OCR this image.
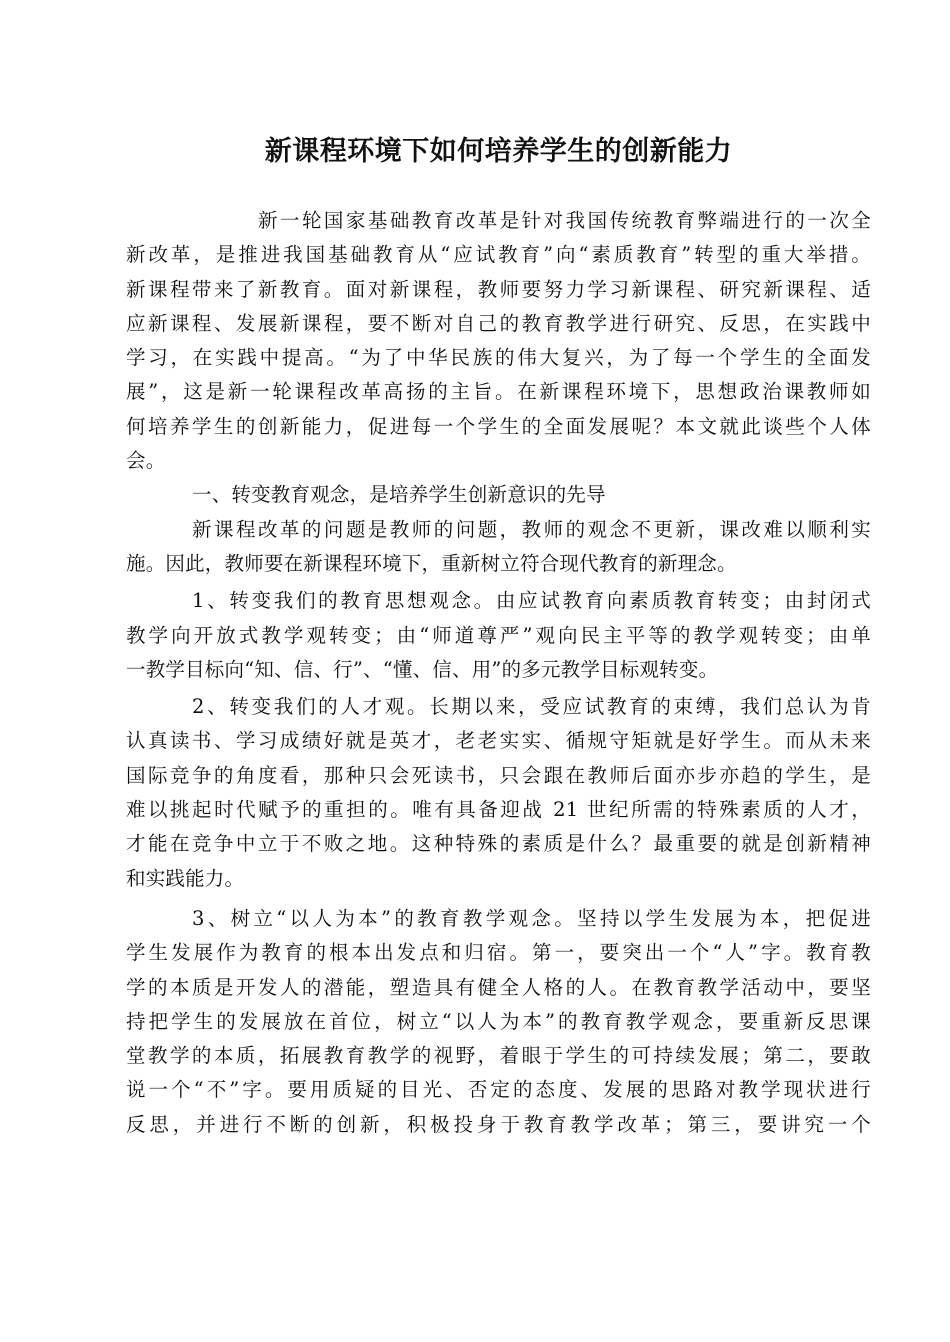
新课程环境下如何培养学生的创新能力
新一轮国家基础教育改革是针对我国传统教育弊端进行的一次全
新改革，是推进我国基础教育从“应试教育”向“素质教育”转型的重大举措。
新课程带来了新教育。面对新课程，教师要努力学习新课程、研究新课程、适
应新课程、发展新课程，要不断对自己的教育教学进行研究、反思，在实践中
学习，在实践中提高。“为了中华民族的伟大复兴，为了每一个学生的全面发
展”，这是新一轮课程改革高扬的主旨。在新课程环境下，思想政治课教师如
何培养学生的创新能力，促进每一个学生的全面发展呢？本文就此谈些个人体
会。
一、转变教育观念，是培养学生创新意识的先导
新课程改革的问题是教师的问题，教师的观念不更新，课改难以顺利实
施。因此，教师要在新课程环境下，重新树立符合现代教育的新理念。
1、转变我们的教育思想观念。由应试教育向素质教育转变；由封闭式
教学向开放式教学观转变；由“师道尊严”观向民主平等的教学观转变；由单
一教学目标向“知、信、行”、“懂、信、用”的多元教学目标观转变。
2、转变我们的人才观。长期以来，受应试教育的束缚，我们总认为肯
认真读书、学习成绩好就是英才，老老实实、循规守矩就是好学生。而从未来
国际竞争的角度看，那种只会死读书，只会跟在教师后面亦步亦趋的学生，是
难以挑起时代赋予的重担的。唯有具备迎战 21 世纪所需的特殊素质的人才，
才能在竞争中立于不败之地。这种特殊的素质是什么？最重要的就是创新精神
和实践能力。
3、树立“以人为本”的教育教学观念。坚持以学生发展为本，把促进
学生发展作为教育的根本出发点和归宿。第一，要突出一个“人”字。教育教
学的本质是开发人的潜能，塑造具有健全人格的人。在教育教学活动中，要坚
持把学生的发展放在首位，树立“以人为本”的教育教学观念，要重新反思课
堂教学的本质，拓展教育教学的视野，着眼于学生的可持续发展；第二，要敢
说一个“不”字。要用质疑的目光、否定的态度、发展的思路对教学现状进行
反思，并进行不断的创新，积极投身于教育教学改革；第三，要讲究一个
